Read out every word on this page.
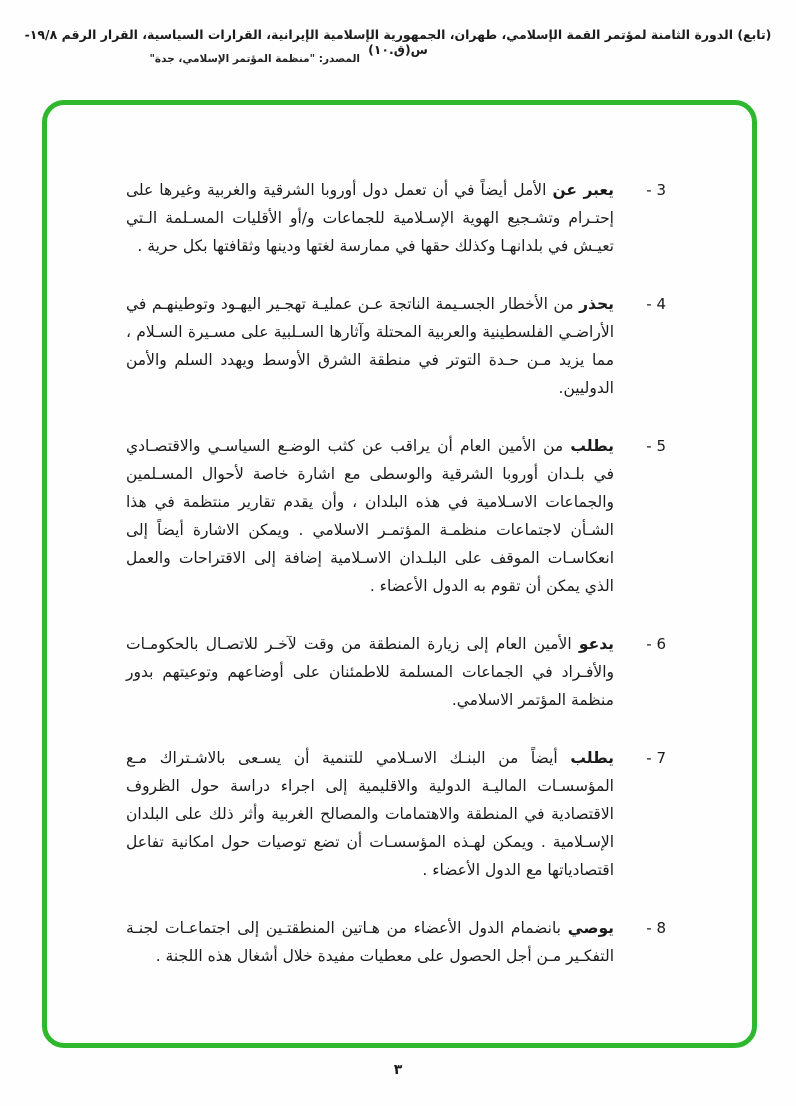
(تابع) الدورة الثامنة لمؤتمر القمة الإسلامي، طهران، الجمهورية الإسلامية الإيرانية، القرارات السياسية، القرار الرقم ١٩/٨-س(ق.١٠)
المصدر: "منظمة المؤتمر الإسلامي، جدة"
- 3

يعبر عن الأمل أيضاً في أن تعمل دول أوروبا الشرقية والغربية وغيرها على إحتـرام وتشـجيع الهوية الإسـلامية للجماعات و/أو الأقليات المسـلمة الـتي تعيـش في بلدانهـا وكذلك حقها في ممارسة لغتها ودينها وثقافتها بكل حرية .

- 4

يحذر من الأخطار الجسـيمة الناتجة عـن عمليـة تهجـير اليهـود وتوطينهـم في الأراضـي الفلسطينية والعربية المحتلة وآثارها السـلبية على مسـيرة السـلام ، مما يزيد مـن حـدة التوتر في منطقة الشرق الأوسط ويهدد السلم والأمن الدوليين.

- 5

يطلب من الأمين العام أن يراقب عن كثب الوضـع السياسـي والاقتصـادي في بلـدان أوروبا الشرقية والوسطى مع اشارة خاصة لأحوال المسـلمين والجماعات الاسـلامية في هذه البلدان ، وأن يقدم تقارير منتظمة في هذا الشـأن لاجتماعات منظمـة المؤتمـر الاسلامي . ويمكن الاشارة أيضاً إلى انعكاسـات الموقف على البلـدان الاسـلامية إضافة إلى الاقتراحات والعمل الذي يمكن أن تقوم به الدول الأعضاء .

- 6

يدعو الأمين العام إلى زيارة المنطقة من وقت لآخـر للاتصـال بالحكومـات والأفـراد في الجماعات المسلمة للاطمئنان على أوضاعهم وتوعيتهم بدور منظمة المؤتمر الاسلامي.

- 7

يطلب أيضاً من البنـك الاسـلامي للتنمية أن يسـعى بالاشـتراك مـع المؤسسـات الماليـة الدولية والاقليمية إلى اجراء دراسة حول الظروف الاقتصادية في المنطقة والاهتمامات والمصالح الغربية وأثر ذلك على البلدان الإسـلامية . ويمكن لهـذه المؤسسـات أن تضع توصيات حول امكانية تفاعل اقتصادياتها مع الدول الأعضاء .

- 8

يوصي بانضمام الدول الأعضاء من هـاتين المنطقتـين إلى اجتماعـات لجنـة التفكـير مـن أجل الحصول على معطيات مفيدة خلال أشغال هذه اللجنة .

٣
